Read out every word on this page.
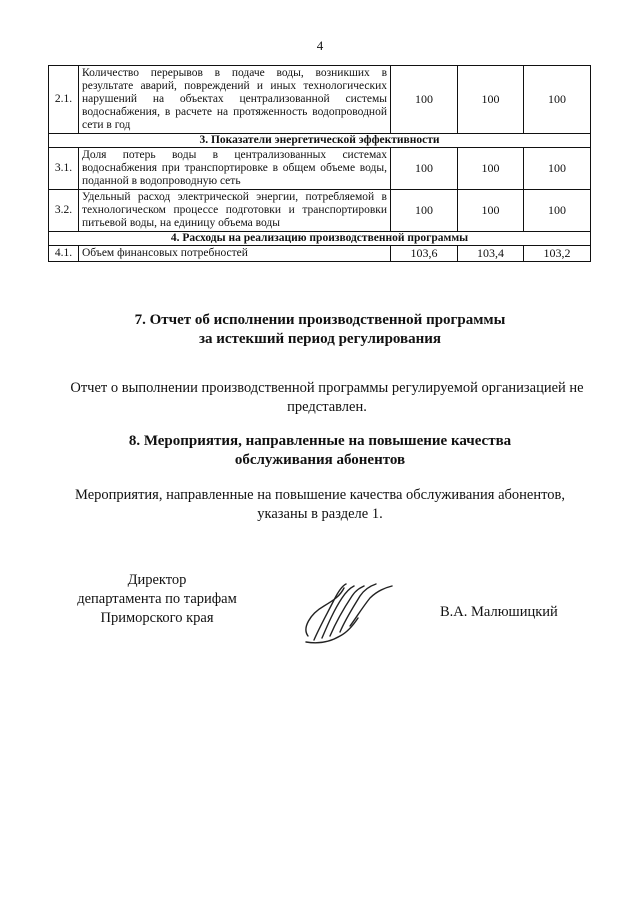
4
2.1.	Количество перерывов в подаче воды, возникших в результате аварий, повреждений и иных технологических нарушений на объектах централизованной системы водоснабжения, в расчете на протяженность водопроводной сети в год	100	100	100
3. Показатели энергетической эффективности				
3.1.	Доля потерь воды в централизованных системах водоснабжения при транспортировке в общем объеме воды, поданной в водопроводную сеть	100	100	100
3.2.	Удельный расход электрической энергии, потребляемой в технологическом процессе подготовки и транспортировки питьевой воды, на единицу объема воды	100	100	100
4. Расходы на реализацию производственной программы				
4.1.	Объем финансовых потребностей	103,6	103,4	103,2
7. Отчет об исполнении производственной программы
за истекший период регулирования
Отчет о выполнении производственной программы регулируемой организацией не представлен.
8. Мероприятия, направленные на повышение качества
обслуживания абонентов
Мероприятия, направленные на повышение качества обслуживания абонентов, указаны в разделе 1.
Директор
департамента по тарифам
Приморского края	В.А. Малюшицкий
